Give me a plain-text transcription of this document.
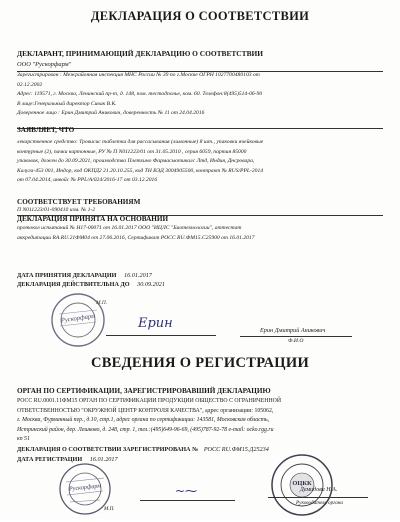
ДЕКЛАРАЦИЯ О СООТВЕТСТВИИ
ДЕКЛАРАНТ, ПРИНИМАЮЩИЙ ДЕКЛАРАЦИЮ О СООТВЕТСТВИИ
ООО "Рускорфарм"
Зарегистрирован : Межрайонная инспекция МНС России № 39 по г.Москве ОГРН 1027700480103 от
02.12.2002
Адрес: 119571, г. Москва, Ленинский пр-т, д. 148, пом. тестодполье, ком. 60. Телефон:8(495)514-06-90
В лице:Генеральный директор Сивак В.К.
Доверенное лицо : Ерин Дмитрий Аникович, доверенность № 11 от 24.04.2016
ЗАЯВЛЯЕТ, ЧТО
лекарственное средство: Тровисис таблетки для рассасывания (лимонные) 8 шт., упаковки ячейковые
контурные (2), пачки картонные, РУ № П N011223/01 от 31.05.2010 , серия 6059, партия 85000
упаковок, дожен до 30.09.2021, производства Плетхино Фармасьютикалс Лтд, Индия, Днсровара,
Калуга-453 001, Индор, код ОКПД2 21.20.10.255, код ТН ВЭД 3004905500, контракт № RUS/PPL-2014
от 07.04.2014, инвойс № PPL/A/024/2016-17 от 03.12.2016
СООТВЕТСТВУЕТ ТРЕБОВАНИЯМ
П N011223/01-090410 изм. № 1-2
ДЕКЛАРАЦИЯ ПРИНЯТА НА ОСНОВАНИИ
протокол испытаний № Н17-00071 от 16.01.2017 ООО "ИЦЛС "Биотехнологии", аттестат
аккредитации RA.RU.21ФМ04 от 27.06.2016, Сертификат РОСС RU.ФМ15.С25900 от 16.01.2017
ДАТА ПРИНЯТИЯ ДЕКЛАРАЦИИ 16.01.2017
ДЕКЛАРАЦИЯ ДЕЙСТВИТЕЛЬНА ДО 30.09.2021
Рускорфарм
М.П.
Ерин	Ерин Дмитрий Аникович
Ф.И.О
СВЕДЕНИЯ О РЕГИСТРАЦИИ
ОРГАН ПО СЕРТИФИКАЦИИ, ЗАРЕГИСТРИРОВАВШИЙ ДЕКЛАРАЦИЮ
РОСС RU.0001.11ФМ15 ОРГАН ПО СЕРТИФИКАЦИИ ПРОДУКЦИИ ОБЩЕСТВО С ОГРАНИЧЕННОЙ
ОТВЕТСТВЕННОСТЬЮ "ОКРУЖНОЙ ЦЕНТР КОНТРОЛЯ КАЧЕСТВА", адрес организации: 105062,
г. Москва, Фурманный пер., д.10, стр.1, адрес органа по сертификации: 143581, Московская область,
Истринский район, дер. Лешково, д. 248, стр. 1, тел.:(495)649-96-69, (495)787-92-78 e-mail: ocko.rgg.ru
кп 51
ДЕКЛАРАЦИЯ О СООТВЕТСТВИИ ЗАРЕГИСТРИРОВАНА № РОСС RU.ФМ15.Д25234
ДАТА РЕГИСТРАЦИИ 16.01.2017
Рускорфарм	~⁓
ОЦКК
Демидова Н.А.
Руководитель органа
М.П.
